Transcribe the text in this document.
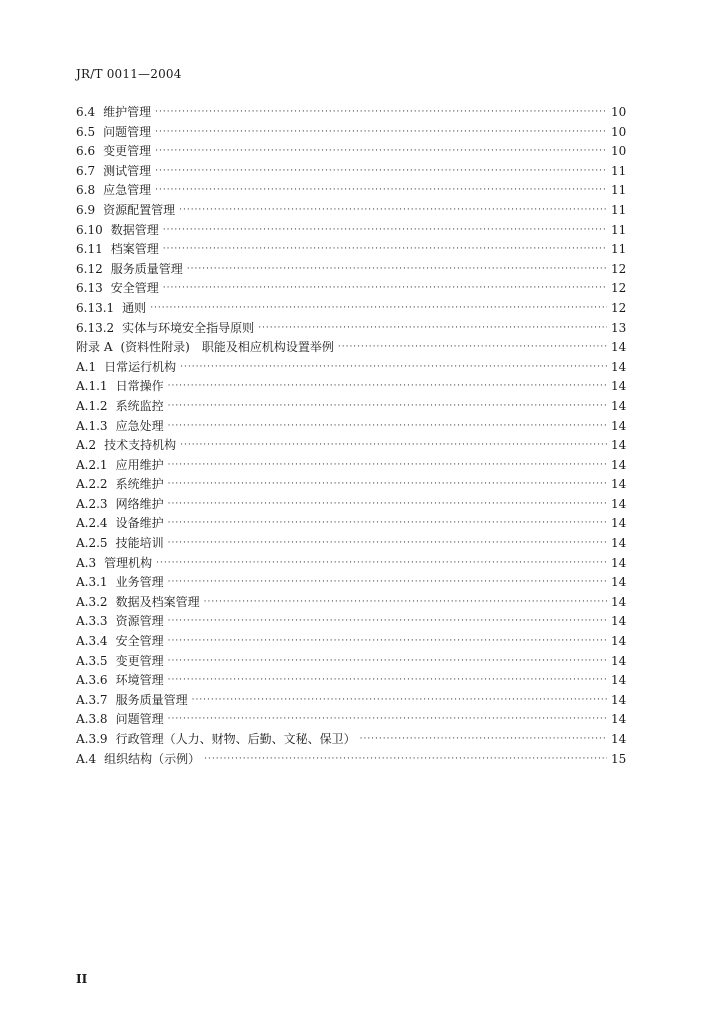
JR/T 0011—2004
6.4 维护管理 ·····	10
6.5 问题管理 ·····	10
6.6 变更管理 ·····	10
6.7 测试管理 ·····	11
6.8 应急管理 ·····	11
6.9 资源配置管理 ·····	11
6.10 数据管理 ·····	11
6.11 档案管理 ·····	11
6.12 服务质量管理 ·····	12
6.13 安全管理 ·····	12
6.13.1 通则 ·····	12
6.13.2 实体与环境安全指导原则 ·····	13
附录 A (资料性附录)　职能及相应机构设置举例 ·····	14
A.1 日常运行机构 ·····	14
A.1.1 日常操作 ·····	14
A.1.2 系统监控 ·····	14
A.1.3 应急处理 ·····	14
A.2 技术支持机构 ·····	14
A.2.1 应用维护 ·····	14
A.2.2 系统维护 ·····	14
A.2.3 网络维护 ·····	14
A.2.4 设备维护 ·····	14
A.2.5 技能培训 ·····	14
A.3 管理机构 ·····	14
A.3.1 业务管理 ·····	14
A.3.2 数据及档案管理 ·····	14
A.3.3 资源管理 ·····	14
A.3.4 安全管理 ·····	14
A.3.5 变更管理 ·····	14
A.3.6 环境管理 ·····	14
A.3.7 服务质量管理 ·····	14
A.3.8 问题管理 ·····	14
A.3.9 行政管理（人力、财物、后勤、文秘、保卫） ·····	14
A.4 组织结构（示例） ·····	15
II
